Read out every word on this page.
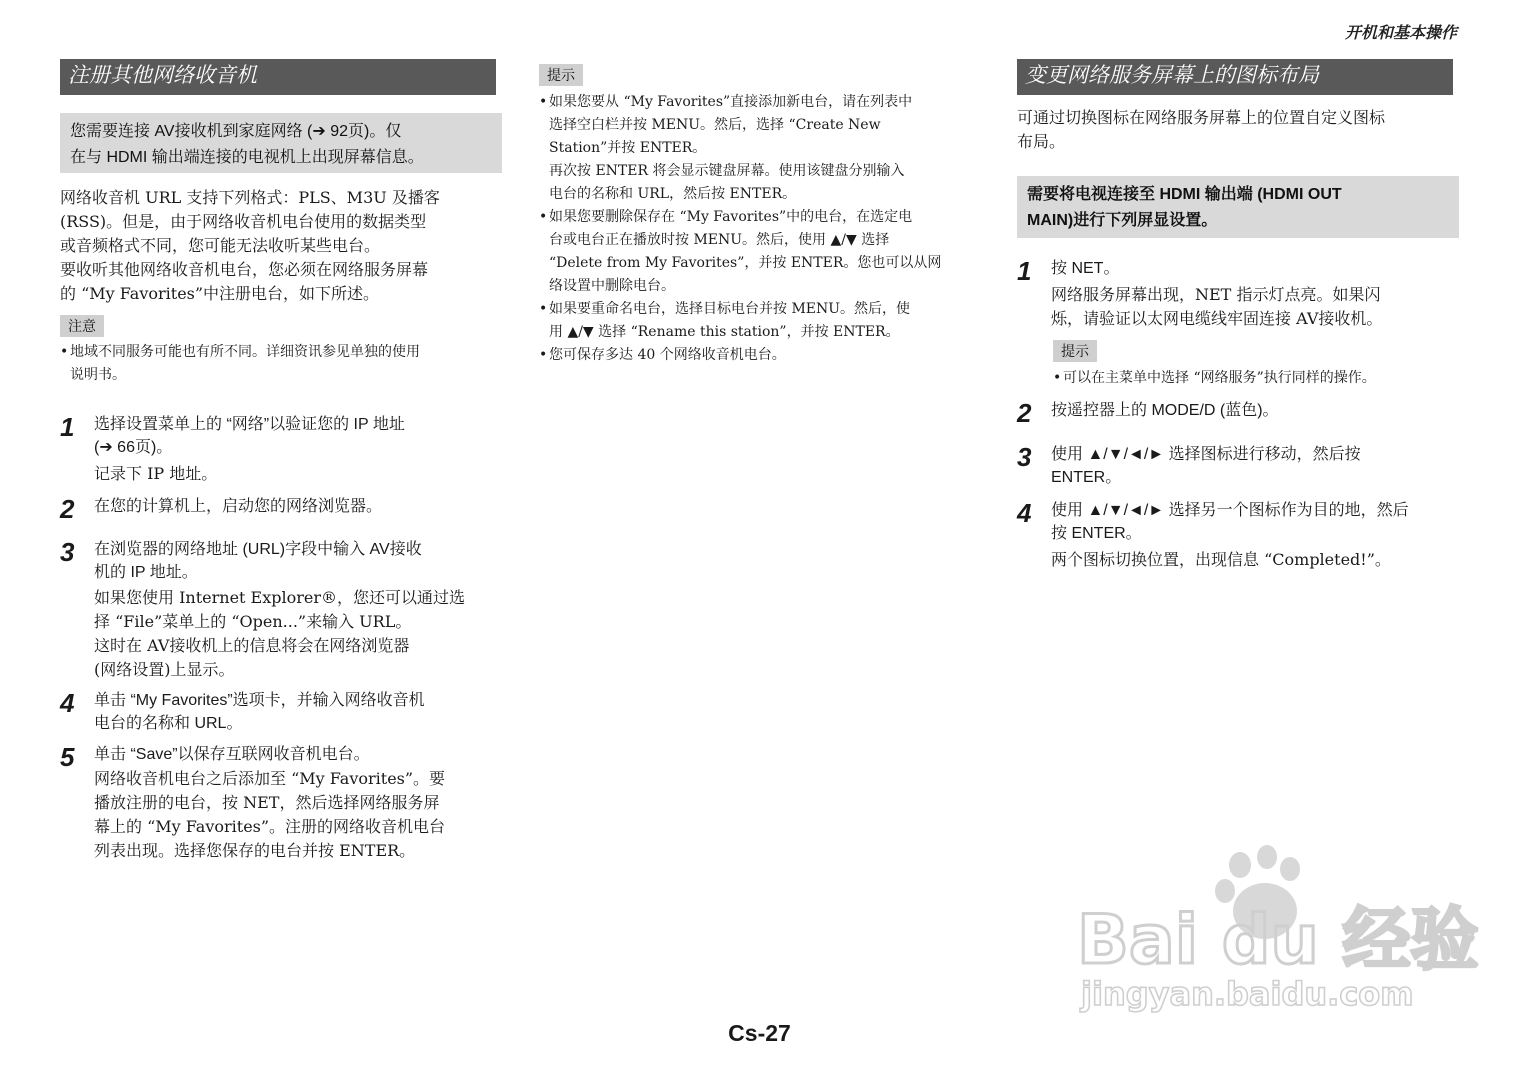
开机和基本操作
注册其他网络收音机
您需要连接 AV接收机到家庭网络 (➔ 92页)。仅
在与 HDMI 输出端连接的电视机上出现屏幕信息。
网络收音机 URL 支持下列格式：PLS、M3U 及播客
(RSS)。但是，由于网络收音机电台使用的数据类型
或音频格式不同，您可能无法收听某些电台。
要收听其他网络收音机电台，您必须在网络服务屏幕
的 “My Favorites”中注册电台，如下所述。
注意
• 地域不同服务可能也有所不同。详细资讯参见单独的使用
说明书。
1 选择设置菜单上的 “网络”以验证您的 IP 地址
(➔ 66页)。
记录下 IP 地址。
2 在您的计算机上，启动您的网络浏览器。
3 在浏览器的网络地址 (URL)字段中输入 AV接收
机的 IP 地址。
如果您使用 Internet Explorer®，您还可以通过选
择 “File”菜单上的 “Open...”来输入 URL。
这时在 AV接收机上的信息将会在网络浏览器
(网络设置)上显示。
4 单击 “My Favorites”选项卡，并输入网络收音机
电台的名称和 URL。
5 单击 “Save”以保存互联网收音机电台。
网络收音机电台之后添加至 “My Favorites”。要
播放注册的电台，按 NET，然后选择网络服务屏
幕上的 “My Favorites”。注册的网络收音机电台
列表出现。选择您保存的电台并按 ENTER。
提示
• 如果您要从 “My Favorites”直接添加新电台，请在列表中
选择空白栏并按 MENU。然后，选择 “Create New
Station”并按 ENTER。
再次按 ENTER 将会显示键盘屏幕。使用该键盘分别输入
电台的名称和 URL，然后按 ENTER。
• 如果您要删除保存在 “My Favorites”中的电台，在选定电
台或电台正在播放时按 MENU。然后，使用 ▲/▼ 选择
“Delete from My Favorites”，并按 ENTER。您也可以从网
络设置中删除电台。
• 如果要重命名电台，选择目标电台并按 MENU。然后，使
用 ▲/▼ 选择 “Rename this station”，并按 ENTER。
• 您可保存多达 40 个网络收音机电台。
变更网络服务屏幕上的图标布局
可通过切换图标在网络服务屏幕上的位置自定义图标
布局。
需要将电视连接至 HDMI 输出端 (HDMI OUT
MAIN)进行下列屏显设置。
1 按 NET。
网络服务屏幕出现，NET 指示灯点亮。如果闪
烁，请验证以太网电缆线牢固连接 AV接收机。
提示
• 可以在主菜单中选择 “网络服务”执行同样的操作。
2 按遥控器上的 MODE/D (蓝色)。
3 使用 ▲/▼/◄/► 选择图标进行移动，然后按
ENTER。
4 使用 ▲/▼/◄/► 选择另一个图标作为目的地，然后
按 ENTER。
两个图标切换位置，出现信息 “Completed!”。
Bai du 经验
jingyan.baidu.com
Cs-27
